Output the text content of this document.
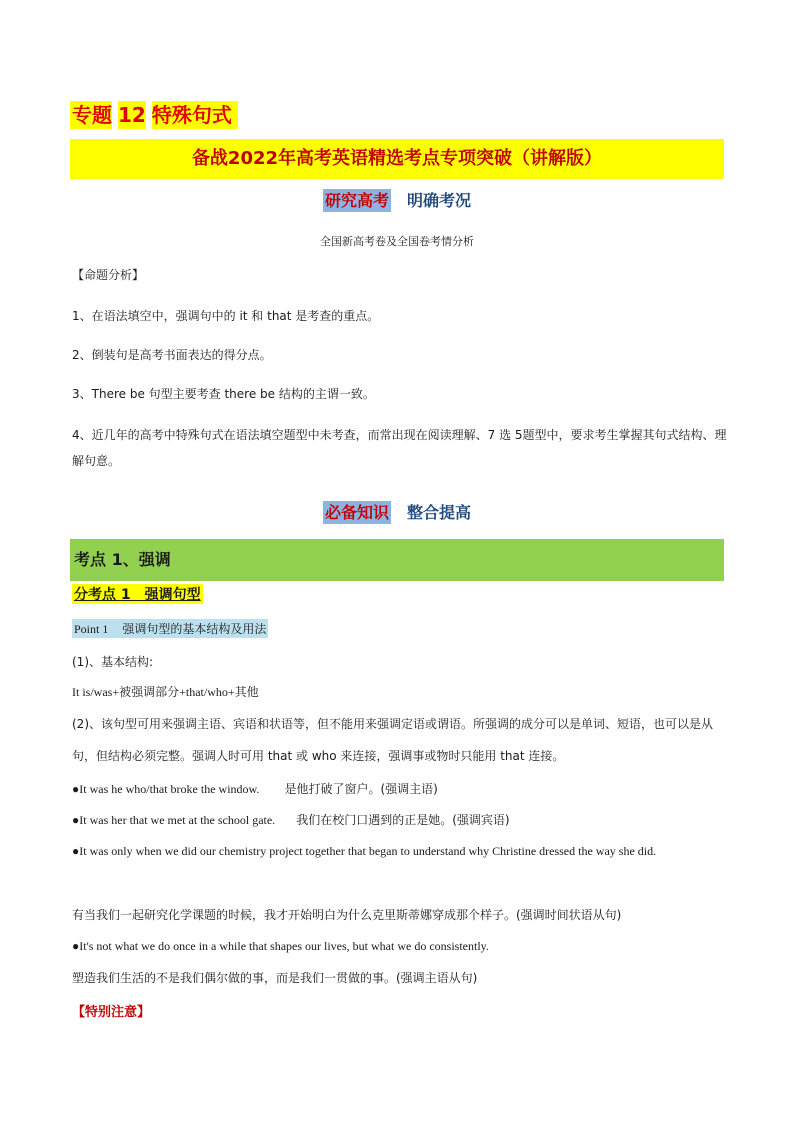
专题 12 特殊句式
备战2022年高考英语精选考点专项突破（讲解版）
研究高考 明确考况
全国新高考卷及全国卷考情分析
【命题分析】
1、在语法填空中，强调句中的 it 和 that 是考查的重点。
2、倒装句是高考书面表达的得分点。
3、There be 句型主要考查 there be 结构的主谓一致。
4、近几年的高考中特殊句式在语法填空题型中未考查，而常出现在阅读理解、7 选 5题型中，要求考生掌握其句式结构、理解句意。
必备知识 整合提高
考点 1、强调
分考点 1　强调句型
Point 1 强调句型的基本结构及用法
(1)、基本结构:
It is/was+被强调部分+that/who+其他
(2)、该句型可用来强调主语、宾语和状语等，但不能用来强调定语或谓语。所强调的成分可以是单词、短语，也可以是从句，但结构必须完整。强调人时可用 that 或 who 来连接，强调事或物时只能用 that 连接。
●It was he who/that broke the window. 是他打破了窗户。(强调主语)
●It was her that we met at the school gate. 我们在校门口遇到的正是她。(强调宾语)
●It was only when we did our chemistry project together that began to understand why Christine dressed the way she did.
有当我们一起研究化学课题的时候，我才开始明白为什么克里斯蒂娜穿成那个样子。(强调时间状语从句)
●It's not what we do once in a while that shapes our lives, but what we do consistently.
塑造我们生活的不是我们偶尔做的事，而是我们一贯做的事。(强调主语从句)
【特别注意】
